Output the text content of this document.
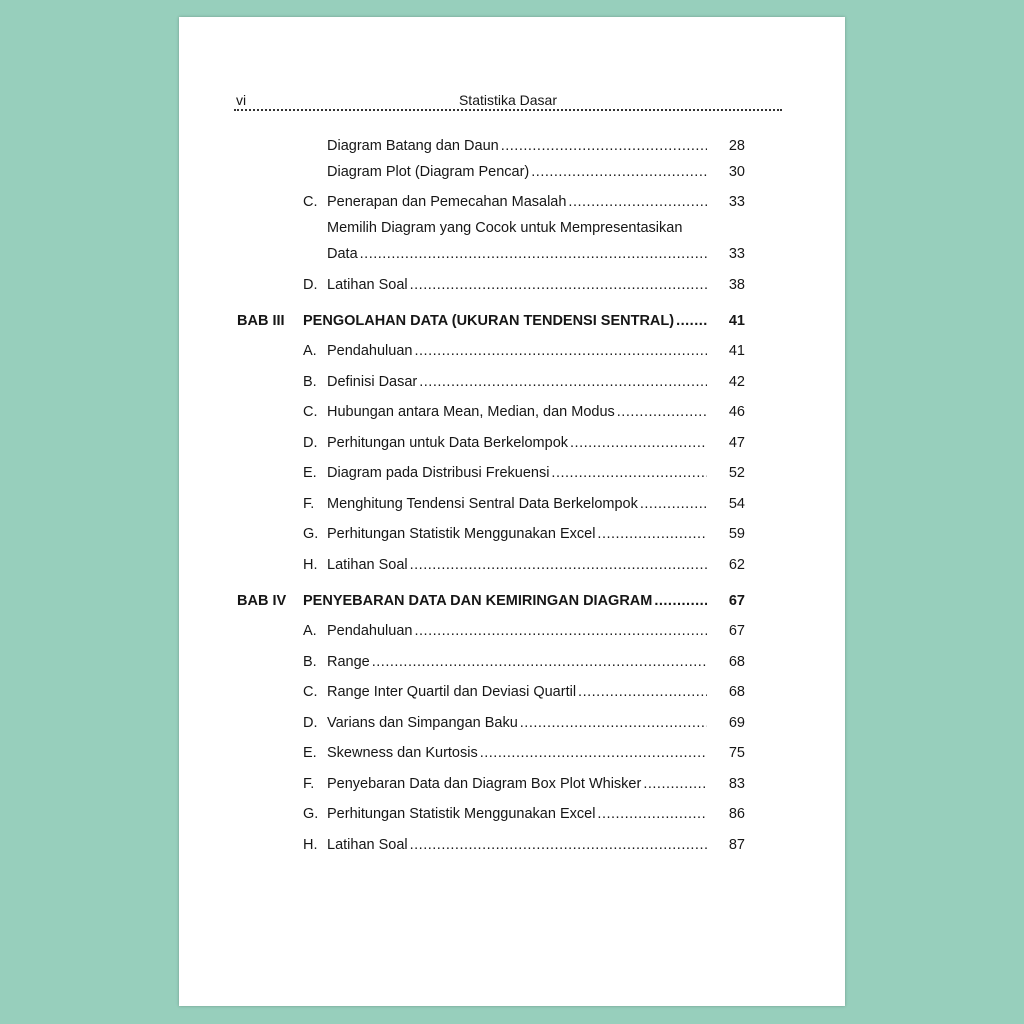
vi	Statistika Dasar
Diagram Batang dan Daun .....	28
Diagram Plot (Diagram Pencar) .....	30
C. Penerapan dan Pemecahan Masalah .....	33
Memilih Diagram yang Cocok untuk Mempresentasikan
Data .....	33
D. Latihan Soal .....	38
BAB III	PENGOLAHAN DATA (UKURAN TENDENSI SENTRAL) .....	41
A. Pendahuluan .....	41
B. Definisi Dasar .....	42
C. Hubungan antara Mean, Median, dan Modus .....	46
D. Perhitungan untuk Data Berkelompok .....	47
E. Diagram pada Distribusi Frekuensi .....	52
F. Menghitung Tendensi Sentral Data Berkelompok .....	54
G. Perhitungan Statistik Menggunakan Excel .....	59
H. Latihan Soal .....	62
BAB IV	PENYEBARAN DATA DAN KEMIRINGAN DIAGRAM .....	67
A. Pendahuluan .....	67
B. Range .....	68
C. Range Inter Quartil dan Deviasi Quartil .....	68
D. Varians dan Simpangan Baku .....	69
E. Skewness dan Kurtosis .....	75
F. Penyebaran Data dan Diagram Box Plot Whisker .....	83
G. Perhitungan Statistik Menggunakan Excel .....	86
H. Latihan Soal .....	87
